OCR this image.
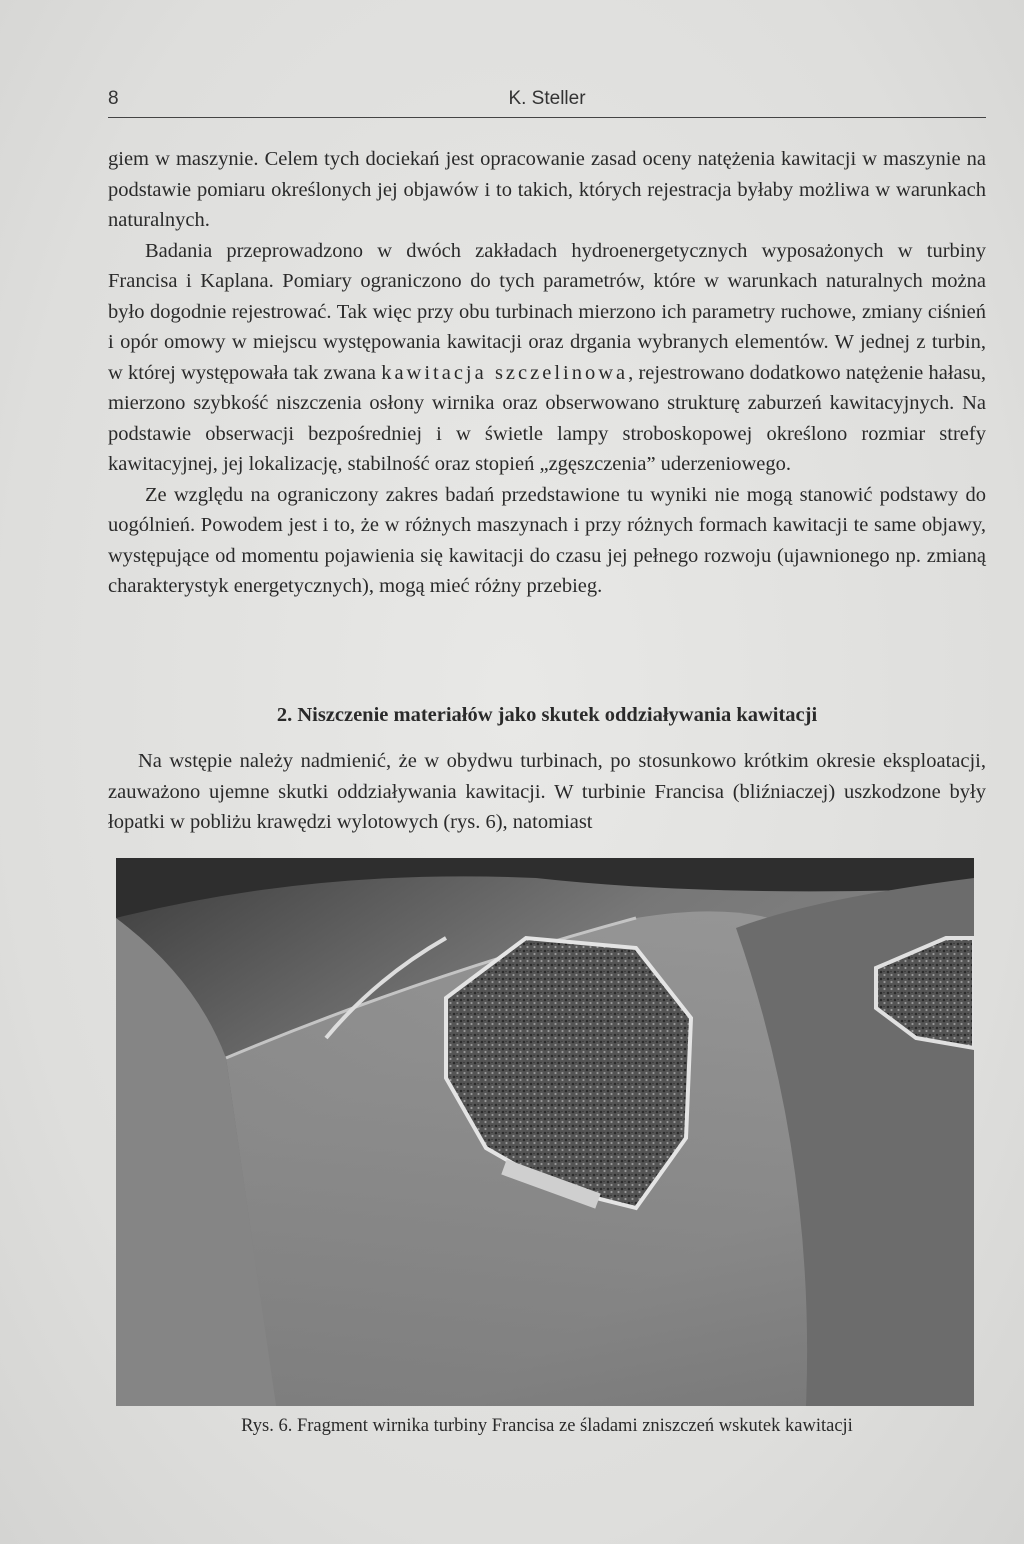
8	K. Steller

giem w maszynie. Celem tych dociekań jest opracowanie zasad oceny natężenia kawitacji w maszynie na podstawie pomiaru określonych jej objawów i to takich, których rejestracja byłaby możliwa w warunkach naturalnych.

Badania przeprowadzono w dwóch zakładach hydroenergetycznych wyposażonych w turbiny Francisa i Kaplana. Pomiary ograniczono do tych parametrów, które w warunkach naturalnych można było dogodnie rejestrować. Tak więc przy obu turbinach mierzono ich parametry ruchowe, zmiany ciśnień i opór omowy w miejscu występowania kawitacji oraz drgania wybranych elementów. W jednej z turbin, w której występowała tak zwana kawitacja szczelinowa, rejestrowano dodatkowo natężenie hałasu, mierzono szybkość niszczenia osłony wirnika oraz obserwowano strukturę zaburzeń kawitacyjnych. Na podstawie obserwacji bezpośredniej i w świetle lampy stroboskopowej określono rozmiar strefy kawitacyjnej, jej lokalizację, stabilność oraz stopień „zgęszczenia” uderzeniowego.

Ze względu na ograniczony zakres badań przedstawione tu wyniki nie mogą stanowić podstawy do uogólnień. Powodem jest i to, że w różnych maszynach i przy różnych formach kawitacji te same objawy, występujące od momentu pojawienia się kawitacji do czasu jej pełnego rozwoju (ujawnionego np. zmianą charakterystyk energetycznych), mogą mieć różny przebieg.

2. Niszczenie materiałów jako skutek oddziaływania kawitacji

Na wstępie należy nadmienić, że w obydwu turbinach, po stosunkowo krótkim okresie eksploatacji, zauważono ujemne skutki oddziaływania kawitacji. W turbinie Francisa (bliźniaczej) uszkodzone były łopatki w pobliżu krawędzi wylotowych (rys. 6), natomiast

Rys. 6. Fragment wirnika turbiny Francisa ze śladami zniszczeń wskutek kawitacji
